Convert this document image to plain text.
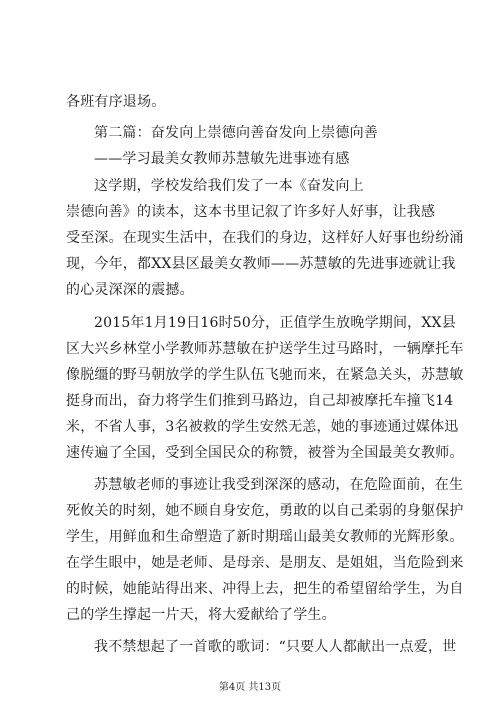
各班有序退场。
第二篇：奋发向上崇德向善奋发向上崇德向善
——学习最美女教师苏慧敏先进事迹有感
这学期，学校发给我们发了一本《奋发向上
崇德向善》的读本，这本书里记叙了许多好人好事，让我感
受至深。在现实生活中，在我们的身边，这样好人好事也纷纷涌
现，今年，都XX县区最美女教师——苏慧敏的先进事迹就让我
的心灵深深的震撼。
2015年1月19日16时50分，正值学生放晚学期间，XX县
区大兴乡林堂小学教师苏慧敏在护送学生过马路时，一辆摩托车
像脱缰的野马朝放学的学生队伍飞驰而来，在紧急关头，苏慧敏
挺身而出，奋力将学生们推到马路边，自己却被摩托车撞飞14
米，不省人事，3名被救的学生安然无恙，她的事迹通过媒体迅
速传遍了全国，受到全国民众的称赞，被誉为全国最美女教师。
苏慧敏老师的事迹让我受到深深的感动，在危险面前，在生
死攸关的时刻，她不顾自身安危，勇敢的以自己柔弱的身躯保护
学生，用鲜血和生命塑造了新时期瑶山最美女教师的光辉形象。
在学生眼中，她是老师、是母亲、是朋友、是姐姐，当危险到来
的时候，她能站得出来、冲得上去，把生的希望留给学生，为自
己的学生撑起一片天，将大爱献给了学生。
我不禁想起了一首歌的歌词：“只要人人都献出一点爱，世
第4页 共13页
